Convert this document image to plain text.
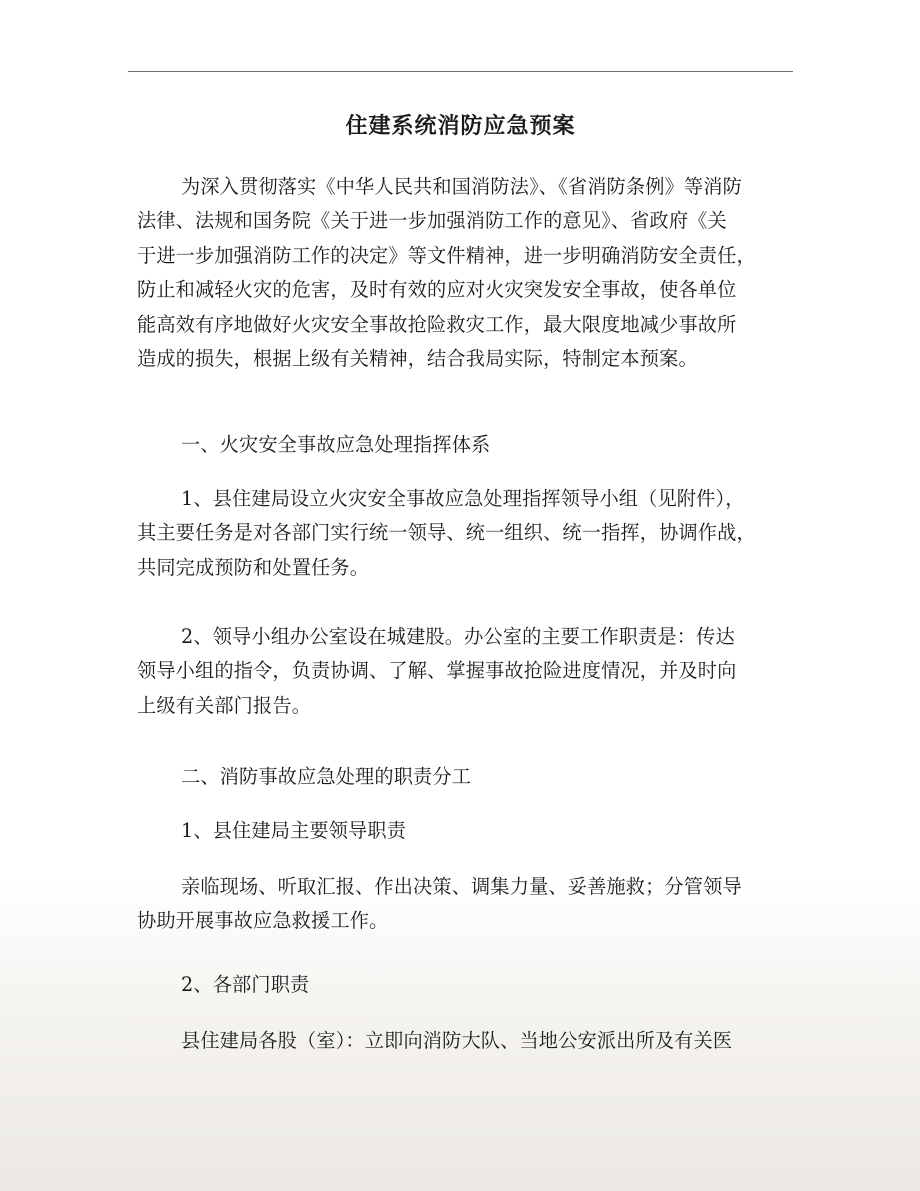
住建系统消防应急预案
为深入贯彻落实《中华人民共和国消防法》、《省消防条例》等消防
法律、法规和国务院《关于进一步加强消防工作的意见》、省政府《关
于进一步加强消防工作的决定》等文件精神，进一步明确消防安全责任，
防止和减轻火灾的危害，及时有效的应对火灾突发安全事故，使各单位
能高效有序地做好火灾安全事故抢险救灾工作，最大限度地减少事故所
造成的损失，根据上级有关精神，结合我局实际，特制定本预案。
一、火灾安全事故应急处理指挥体系
1、县住建局设立火灾安全事故应急处理指挥领导小组（见附件），
其主要任务是对各部门实行统一领导、统一组织、统一指挥，协调作战，
共同完成预防和处置任务。
2、领导小组办公室设在城建股。办公室的主要工作职责是：传达
领导小组的指令，负责协调、了解、掌握事故抢险进度情况，并及时向
上级有关部门报告。
二、消防事故应急处理的职责分工
1、县住建局主要领导职责
亲临现场、听取汇报、作出决策、调集力量、妥善施救；分管领导
协助开展事故应急救援工作。
2、各部门职责
县住建局各股（室）：立即向消防大队、当地公安派出所及有关医
